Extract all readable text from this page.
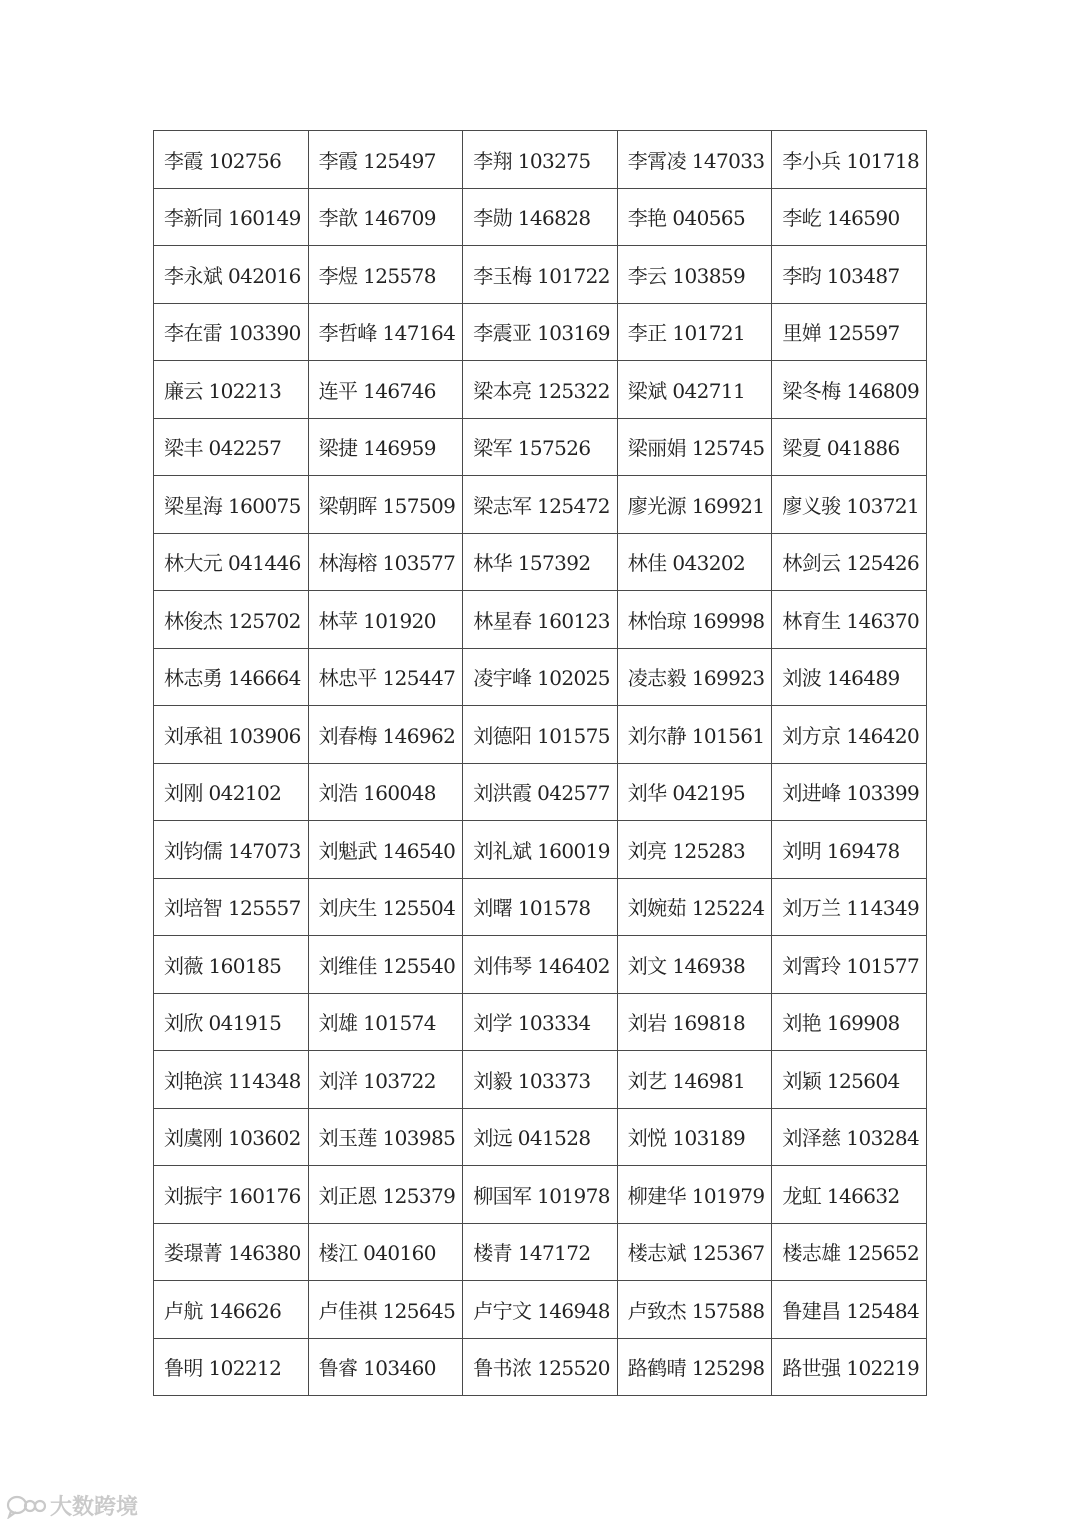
李霞 102756	李霞 125497	李翔 103275	李霄凌 147033	李小兵 101718
李新同 160149	李歆 146709	李勋 146828	李艳 040565	李屹 146590
李永斌 042016	李煜 125578	李玉梅 101722	李云 103859	李昀 103487
李在雷 103390	李哲峰 147164	李震亚 103169	李正 101721	里婵 125597
廉云 102213	连平 146746	梁本亮 125322	梁斌 042711	梁冬梅 146809
梁丰 042257	梁捷 146959	梁军 157526	梁丽娟 125745	梁夏 041886
梁星海 160075	梁朝晖 157509	梁志军 125472	廖光源 169921	廖义骏 103721
林大元 041446	林海榕 103577	林华 157392	林佳 043202	林剑云 125426
林俊杰 125702	林苹 101920	林星春 160123	林怡琼 169998	林育生 146370
林志勇 146664	林忠平 125447	凌宇峰 102025	凌志毅 169923	刘波 146489
刘承祖 103906	刘春梅 146962	刘德阳 101575	刘尔静 101561	刘方京 146420
刘刚 042102	刘浩 160048	刘洪霞 042577	刘华 042195	刘进峰 103399
刘钧儒 147073	刘魁武 146540	刘礼斌 160019	刘亮 125283	刘明 169478
刘培智 125557	刘庆生 125504	刘曙 101578	刘婉茹 125224	刘万兰 114349
刘薇 160185	刘维佳 125540	刘伟琴 146402	刘文 146938	刘霄玲 101577
刘欣 041915	刘雄 101574	刘学 103334	刘岩 169818	刘艳 169908
刘艳滨 114348	刘洋 103722	刘毅 103373	刘艺 146981	刘颖 125604
刘虞刚 103602	刘玉莲 103985	刘远 041528	刘悦 103189	刘泽慈 103284
刘振宇 160176	刘正恩 125379	柳国军 101978	柳建华 101979	龙虹 146632
娄璟菁 146380	楼江 040160	楼青 147172	楼志斌 125367	楼志雄 125652
卢航 146626	卢佳祺 125645	卢宁文 146948	卢致杰 157588	鲁建昌 125484
鲁明 102212	鲁睿 103460	鲁书浓 125520	路鹤晴 125298	路世强 102219
大数跨境
